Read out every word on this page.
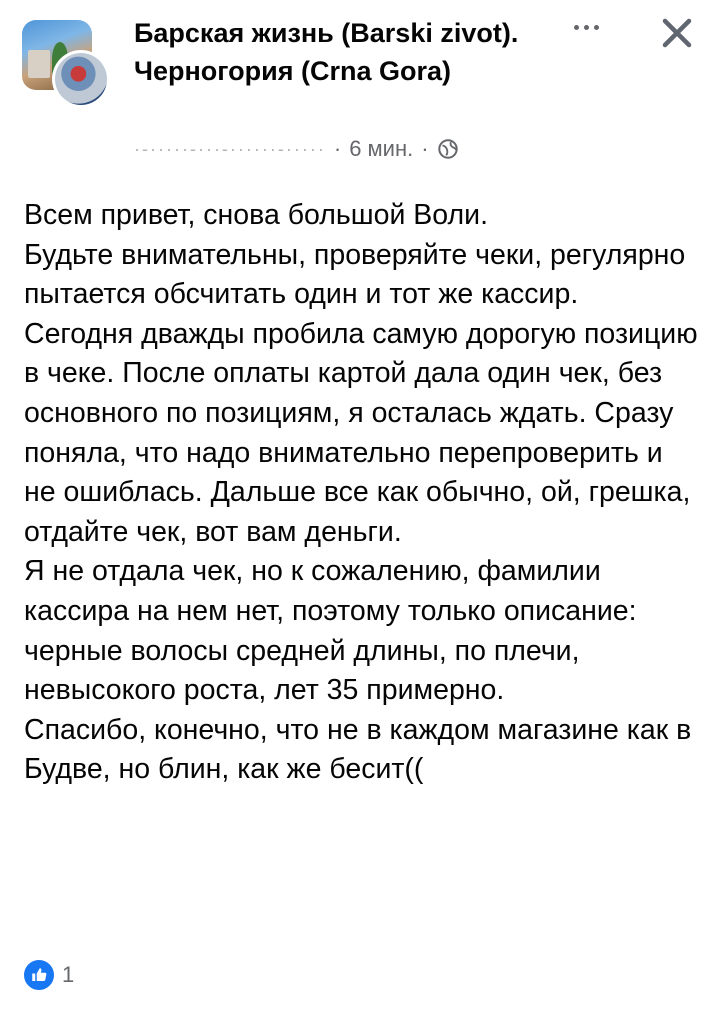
Барская жизнь (Barski zivot). Черногория (Crna Gora)
·-·····-···-······-····· · 6 мин. ·

Всем привет, снова большой Воли.

Будьте внимательны, проверяйте чеки, регулярно пытается обсчитать один и тот же кассир.

Сегодня дважды пробила самую дорогую позицию в чеке. После оплаты картой дала один чек, без основного по позициям, я осталась ждать. Сразу поняла, что надо внимательно перепроверить и не ошиблась. Дальше все как обычно, ой, грешка, отдайте чек, вот вам деньги.

Я не отдала чек, но к сожалению, фамилии кассира на нем нет, поэтому только описание: черные волосы средней длины, по плечи, невысокого роста, лет 35 примерно.

Спасибо, конечно, что не в каждом магазине как в Будве, но блин, как же бесит((

1
